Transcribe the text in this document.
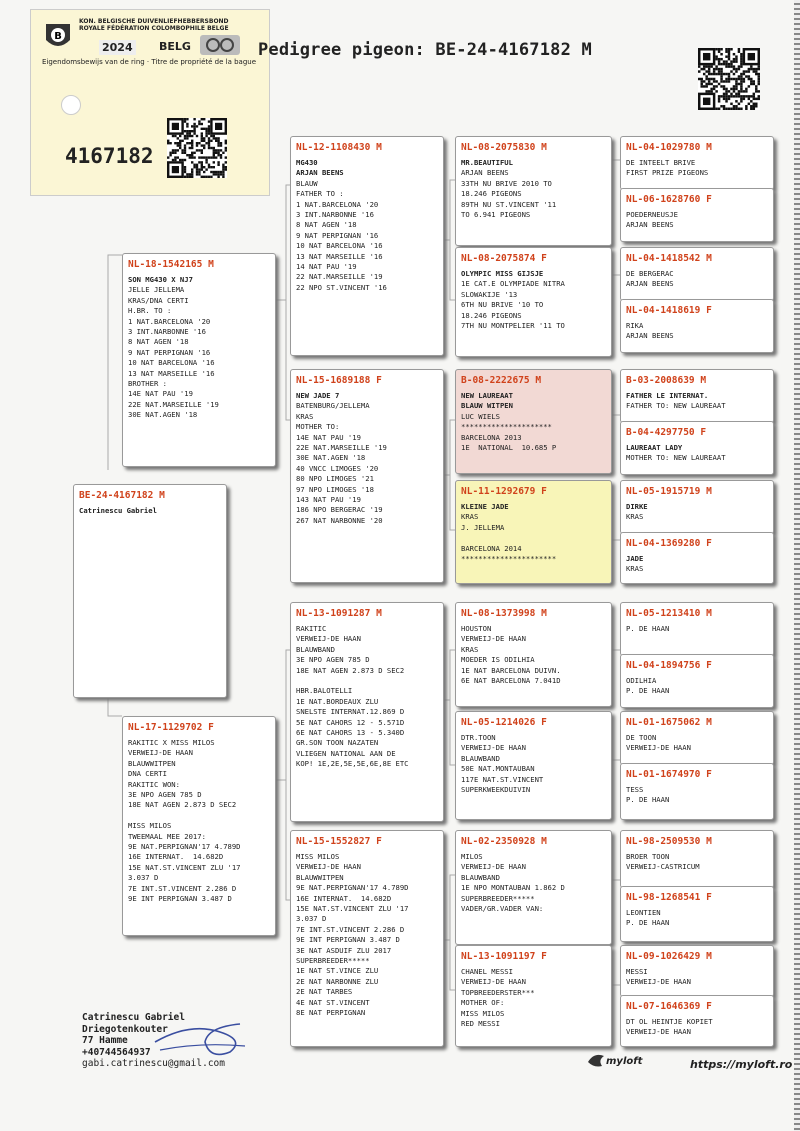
B
KON. BELGISCHE DUIVENLIEFHEBBERSBOND
ROYALE FÉDÉRATION COLOMBOPHILE BELGE
2024 BELG
Eigendomsbewijs van de ring · Titre de propriété de la bague
4167182
Pedigree pigeon: BE-24-4167182 M
BE-24-4167182 M
Catrinescu Gabriel
NL-18-1542165 M
SON MG430 X NJ7
JELLE JELLEMA
KRAS/DNA CERTI
H.BR. TO :
1 NAT.BARCELONA '20
3 INT.NARBONNE '16
8 NAT AGEN '18
9 NAT PERPIGNAN '16
10 NAT BARCELONA '16
13 NAT MARSEILLE '16
BROTHER :
14E NAT PAU '19
22E NAT.MARSEILLE '19
30E NAT.AGEN '18
NL-17-1129702 F
RAKITIC X MISS MILOS
VERWEIJ-DE HAAN
BLAUWWITPEN
DNA CERTI
RAKITIC WON:
3E NPO AGEN 785 D
18E NAT AGEN 2.873 D SEC2
MISS MILOS
TWEEMAAL MEE 2017:
9E NAT.PERPIGNAN'17 4.789D
16E INTERNAT.  14.682D
15E NAT.ST.VINCENT ZLU '17
3.037 D
7E INT.ST.VINCENT 2.286 D
9E INT PERPIGNAN 3.487 D
NL-12-1108430 M
MG430
ARJAN BEENS
BLAUW
FATHER TO :
1 NAT.BARCELONA '20
3 INT.NARBONNE '16
8 NAT AGEN '18
9 NAT PERPIGNAN '16
10 NAT BARCELONA '16
13 NAT MARSEILLE '16
14 NAT PAU '19
22 NAT.MARSEILLE '19
22 NPO ST.VINCENT '16
NL-15-1689188 F
NEW JADE 7
BATENBURG/JELLEMA
KRAS
MOTHER TO:
14E NAT PAU '19
22E NAT.MARSEILLE '19
30E NAT.AGEN '18
40 VNCC LIMOGES '20
80 NPO LIMOGES '21
97 NPO LIMOGES '18
143 NAT PAU '19
186 NPO BERGERAC '19
267 NAT NARBONNE '20
NL-13-1091287 M
RAKITIC
VERWEIJ-DE HAAN
BLAUWBAND
3E NPO AGEN 785 D
18E NAT AGEN 2.873 D SEC2
HBR.BALOTELLI
1E NAT.BORDEAUX ZLU
SNELSTE INTERNAT.12.869 D
5E NAT CAHORS 12 - 5.571D
6E NAT CAHORS 13 - 5.340D
GR.SON TOON NAZATEN
VLIEGEN NATIONAL AAN DE
KOP! 1E,2E,5E,5E,6E,8E ETC
NL-15-1552827 F
MISS MILOS
VERWEIJ-DE HAAN
BLAUWWITPEN
9E NAT.PERPIGNAN'17 4.789D
16E INTERNAT.  14.682D
15E NAT.ST.VINCENT ZLU '17
3.037 D
7E INT.ST.VINCENT 2.286 D
9E INT PERPIGNAN 3.487 D
3E NAT ASDUIF ZLU 2017
SUPERBREEDER*****
1E NAT ST.VINCE ZLU
2E NAT NARBONNE ZLU
2E NAT TARBES
4E NAT ST.VINCENT
8E NAT PERPIGNAN
NL-08-2075830 M
MR.BEAUTIFUL
ARJAN BEENS
33TH NU BRIVE 2010 TO
18.246 PIGEONS
89TH NU ST.VINCENT '11
TO 6.941 PIGEONS
NL-08-2075874 F
OLYMPIC MISS GIJSJE
1E CAT.E OLYMPIADE NITRA
SLOWAKIJE '13
6TH NU BRIVE '10 TO
18.246 PIGEONS
7TH NU MONTPELIER '11 TO
B-08-2222675 M
NEW LAUREAAT
BLAUW WITPEN
LUC WIELS
*********************
BARCELONA 2013
1E  NATIONAL  10.685 P
NL-11-1292679 F
KLEINE JADE
KRAS
J. JELLEMA
BARCELONA 2014
**********************
NL-08-1373998 M
HOUSTON
VERWEIJ-DE HAAN
KRAS
MOEDER IS ODILHIA
1E NAT BARCELONA DUIVN.
6E NAT BARCELONA 7.041D
NL-05-1214026 F
DTR.TOON
VERWEIJ-DE HAAN
BLAUWBAND
50E NAT.MONTAUBAN
117E NAT.ST.VINCENT
SUPERKWEEKDUIVIN
NL-02-2350928 M
MILOS
VERWEIJ-DE HAAN
BLAUWBAND
1E NPO MONTAUBAN 1.862 D
SUPERBREEDER*****
VADER/GR.VADER VAN:
NL-13-1091197 F
CHANEL MESSI
VERWEIJ-DE HAAN
TOPBREEDERSTER***
MOTHER OF:
MISS MILOS
RED MESSI
NL-04-1029780 M
DE INTEELT BRIVE
FIRST PRIZE PIGEONS
NL-06-1628760 F
POEDERNEUSJE
ARJAN BEENS
NL-04-1418542 M
DE BERGERAC
ARJAN BEENS
NL-04-1418619 F
RIKA
ARJAN BEENS
B-03-2008639 M
FATHER LE INTERNAT.
FATHER TO: NEW LAUREAAT
B-04-4297750 F
LAUREAAT LADY
MOTHER TO: NEW LAUREAAT
NL-05-1915719 M
DIRKE
KRAS
NL-04-1369280 F
JADE
KRAS
NL-05-1213410 M
P. DE HAAN
NL-04-1894756 F
ODILHIA
P. DE HAAN
NL-01-1675062 M
DE TOON
VERWEIJ-DE HAAN
NL-01-1674970 F
TESS
P. DE HAAN
NL-98-2509530 M
BROER TOON
VERWEIJ-CASTRICUM
NL-98-1268541 F
LEONTIEN
P. DE HAAN
NL-09-1026429 M
MESSI
VERWEIJ-DE HAAN
NL-07-1646369 F
DT OL HEINTJE KOPIET
VERWEIJ-DE HAAN
Catrinescu Gabriel
Driegotenkouter
77 Hamme
+40744564937
gabi.catrinescu@gmail.com	myloft	https://myloft.ro
